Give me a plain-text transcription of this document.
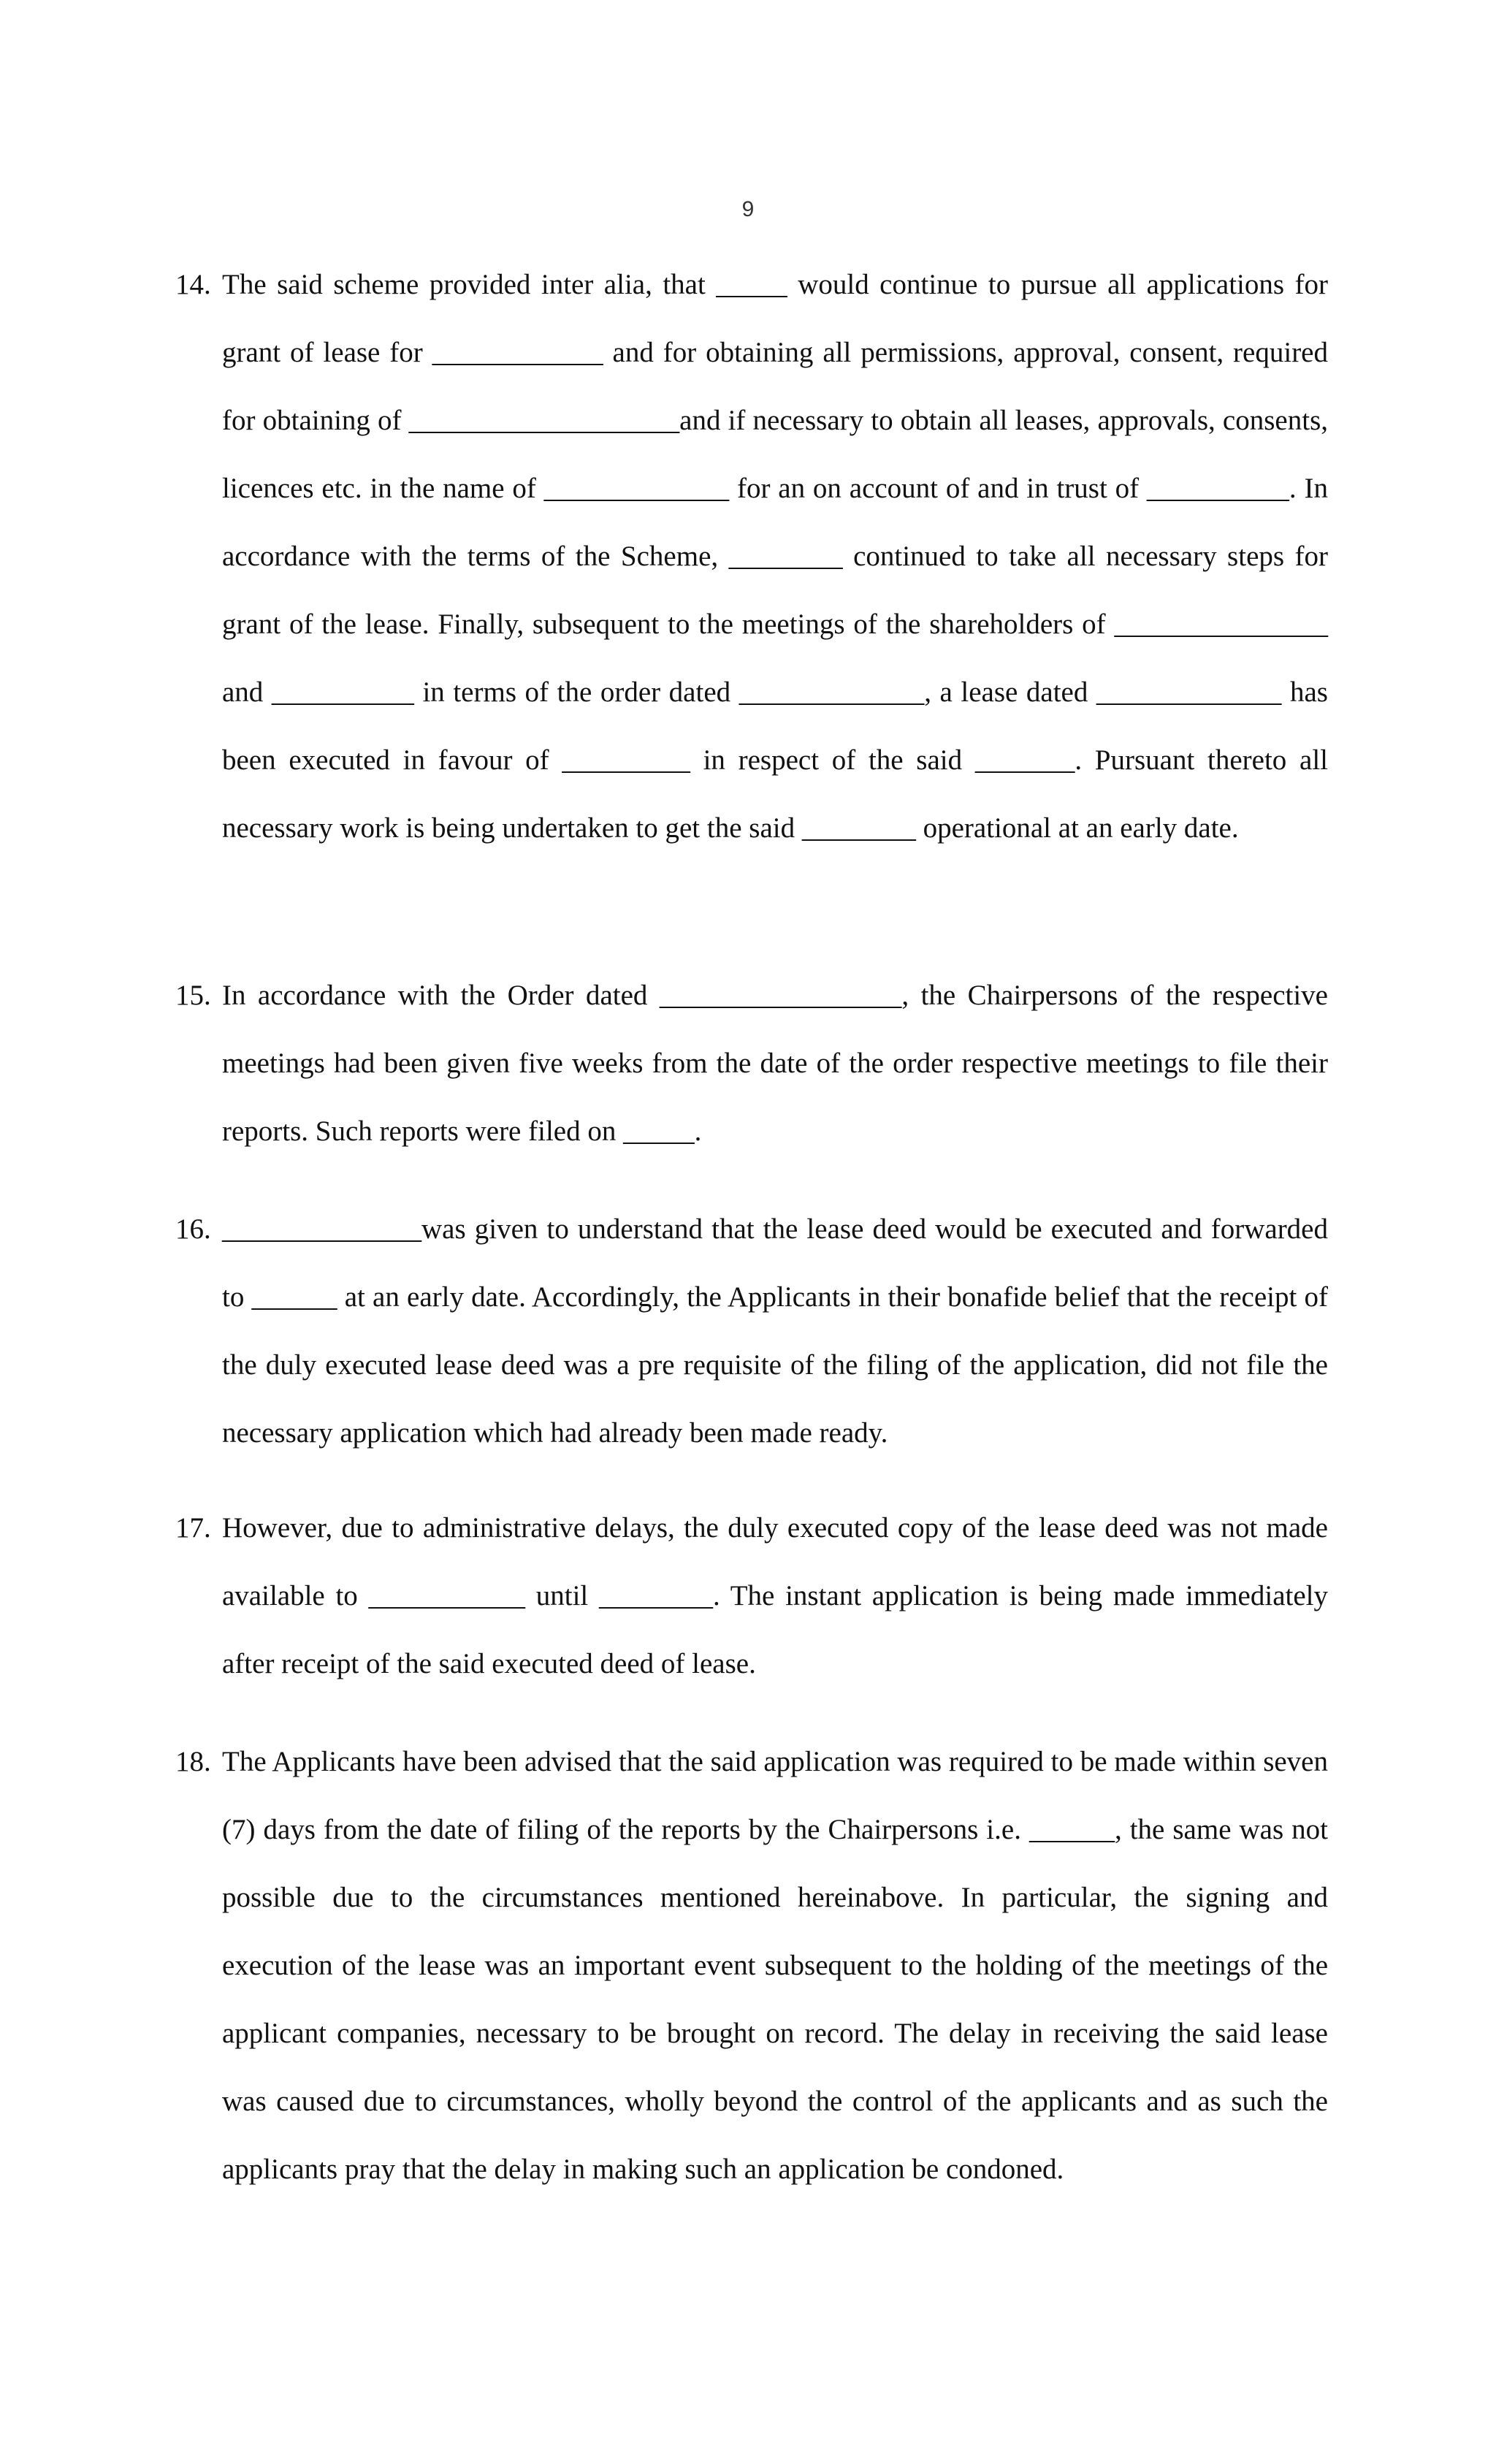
9
14. The said scheme provided inter alia, that _____ would continue to pursue all applications for grant of lease for ____________ and for obtaining all permissions, approval, consent, required for obtaining of ___________________and if necessary to obtain all leases, approvals, consents, licences etc. in the name of _____________ for an on account of and in trust of __________. In accordance with the terms of the Scheme, ________ continued to take all necessary steps for grant of the lease. Finally, subsequent to the meetings of the shareholders of _______________ and __________ in terms of the order dated _____________, a lease dated _____________ has been executed in favour of _________ in respect of the said _______. Pursuant thereto all necessary work is being undertaken to get the said ________ operational at an early date.
15. In accordance with the Order dated _________________, the Chairpersons of the respective meetings had been given five weeks from the date of the order respective meetings to file their reports. Such reports were filed on _____.
16. ______________was given to understand that the lease deed would be executed and forwarded to ______ at an early date. Accordingly, the Applicants in their bonafide belief that the receipt of the duly executed lease deed was a pre requisite of the filing of the application, did not file the necessary application which had already been made ready.
17. However, due to administrative delays, the duly executed copy of the lease deed was not made available to ___________ until ________. The instant application is being made immediately after receipt of the said executed deed of lease.
18. The Applicants have been advised that the said application was required to be made within seven (7) days from the date of filing of the reports by the Chairpersons i.e. ______, the same was not possible due to the circumstances mentioned hereinabove. In particular, the signing and execution of the lease was an important event subsequent to the holding of the meetings of the applicant companies, necessary to be brought on record. The delay in receiving the said lease was caused due to circumstances, wholly beyond the control of the applicants and as such the applicants pray that the delay in making such an application be condoned.
